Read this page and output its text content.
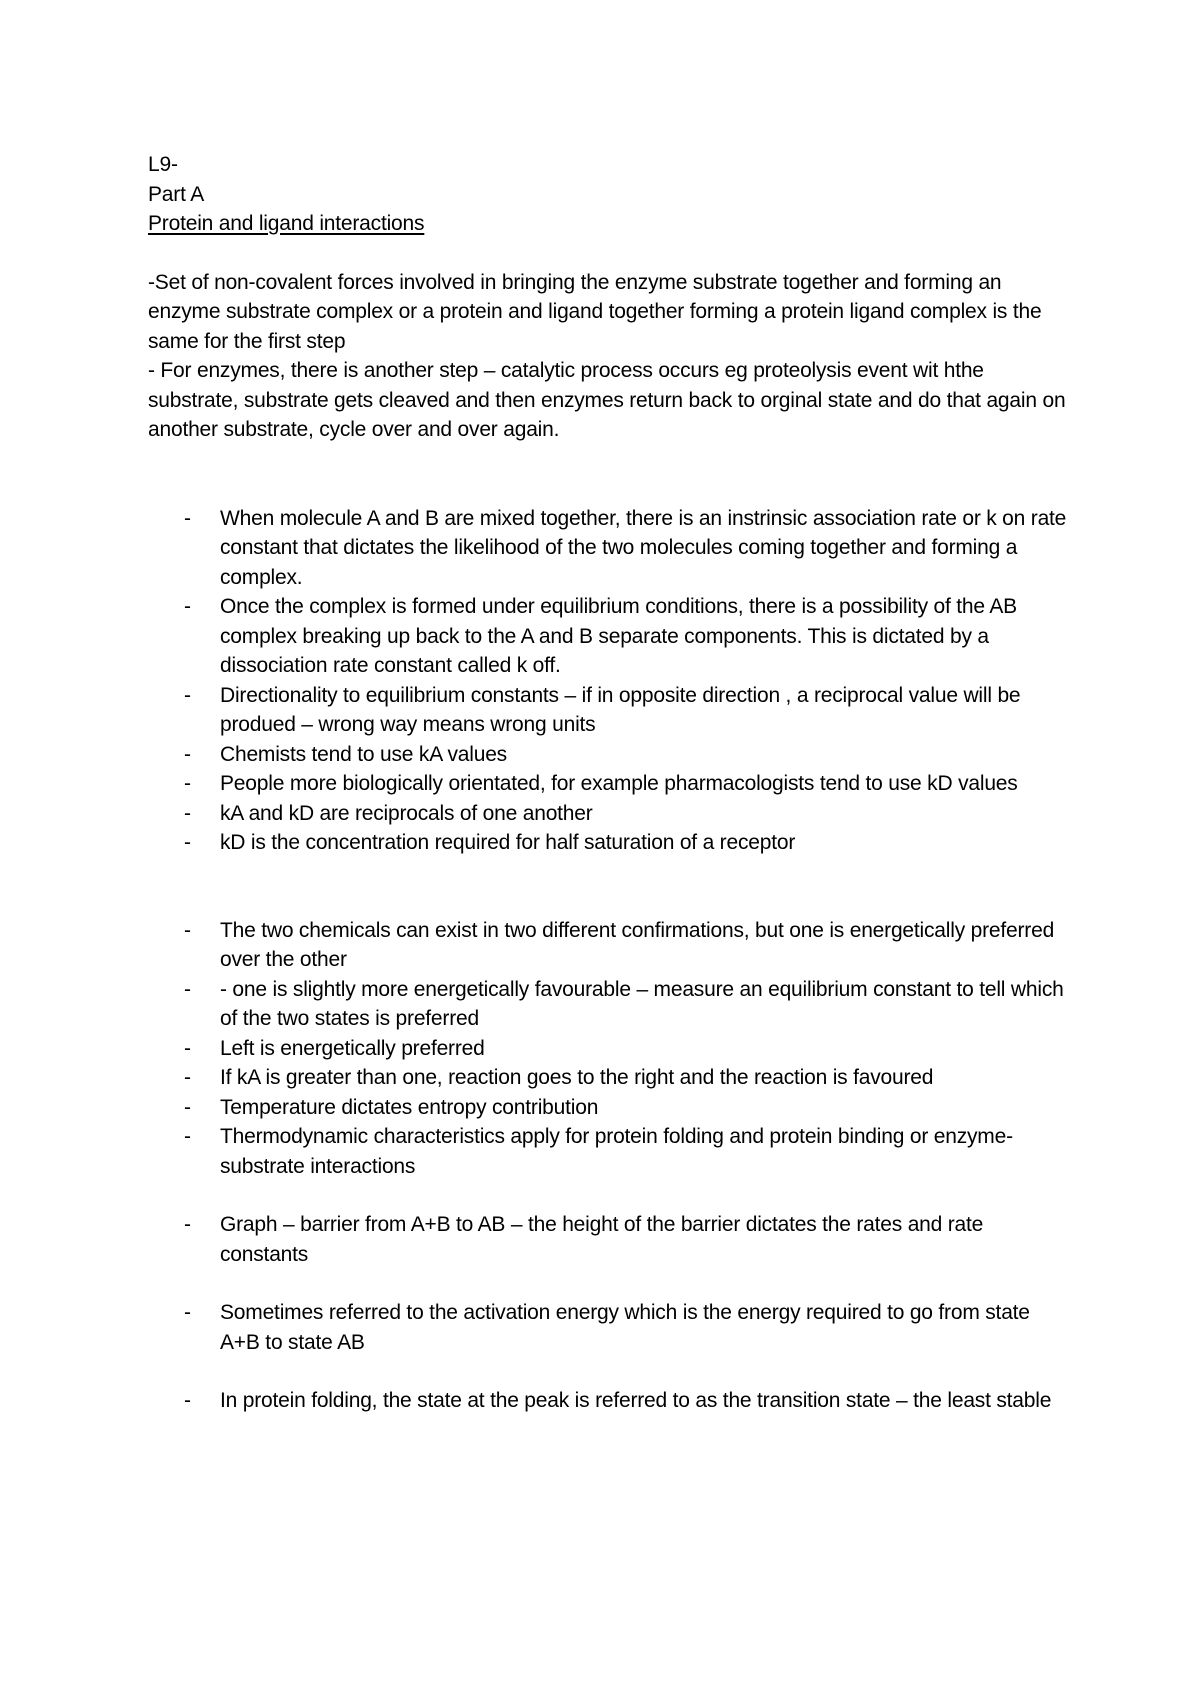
L9-

Part A

Protein and ligand interactions

-Set of non-covalent forces involved in bringing the enzyme substrate together and forming an enzyme substrate complex or a protein and ligand together forming a protein ligand complex is the same for the first step

- For enzymes, there is another step – catalytic process occurs eg proteolysis event wit hthe substrate, substrate gets cleaved and then enzymes return back to orginal state and do that again on another substrate, cycle over and over again.

- When molecule A and B are mixed together, there is an instrinsic association rate or k on rate constant that dictates the likelihood of the two molecules coming together and forming a complex.
- Once the complex is formed under equilibrium conditions, there is a possibility of the AB complex breaking up back to the A and B separate components. This is dictated by a dissociation rate constant called k off.
- Directionality to equilibrium constants – if in opposite direction , a reciprocal value will be produed – wrong way means wrong units
- Chemists tend to use kA values
- People more biologically orientated, for example pharmacologists tend to use kD values
- kA and kD are reciprocals of one another
- kD is the concentration required for half saturation of a receptor
- The two chemicals can exist in two different confirmations, but one is energetically preferred over the other
- - one is slightly more energetically favourable – measure an equilibrium constant to tell which of the two states is preferred
- Left is energetically preferred
- If kA is greater than one, reaction goes to the right and the reaction is favoured
- Temperature dictates entropy contribution
- Thermodynamic characteristics apply for protein folding and protein binding or enzyme-substrate interactions
- Graph – barrier from A+B to AB – the height of the barrier dictates the rates and rate constants
- Sometimes referred to the activation energy which is the energy required to go from state A+B to state AB
- In protein folding, the state at the peak is referred to as the transition state – the least stable
